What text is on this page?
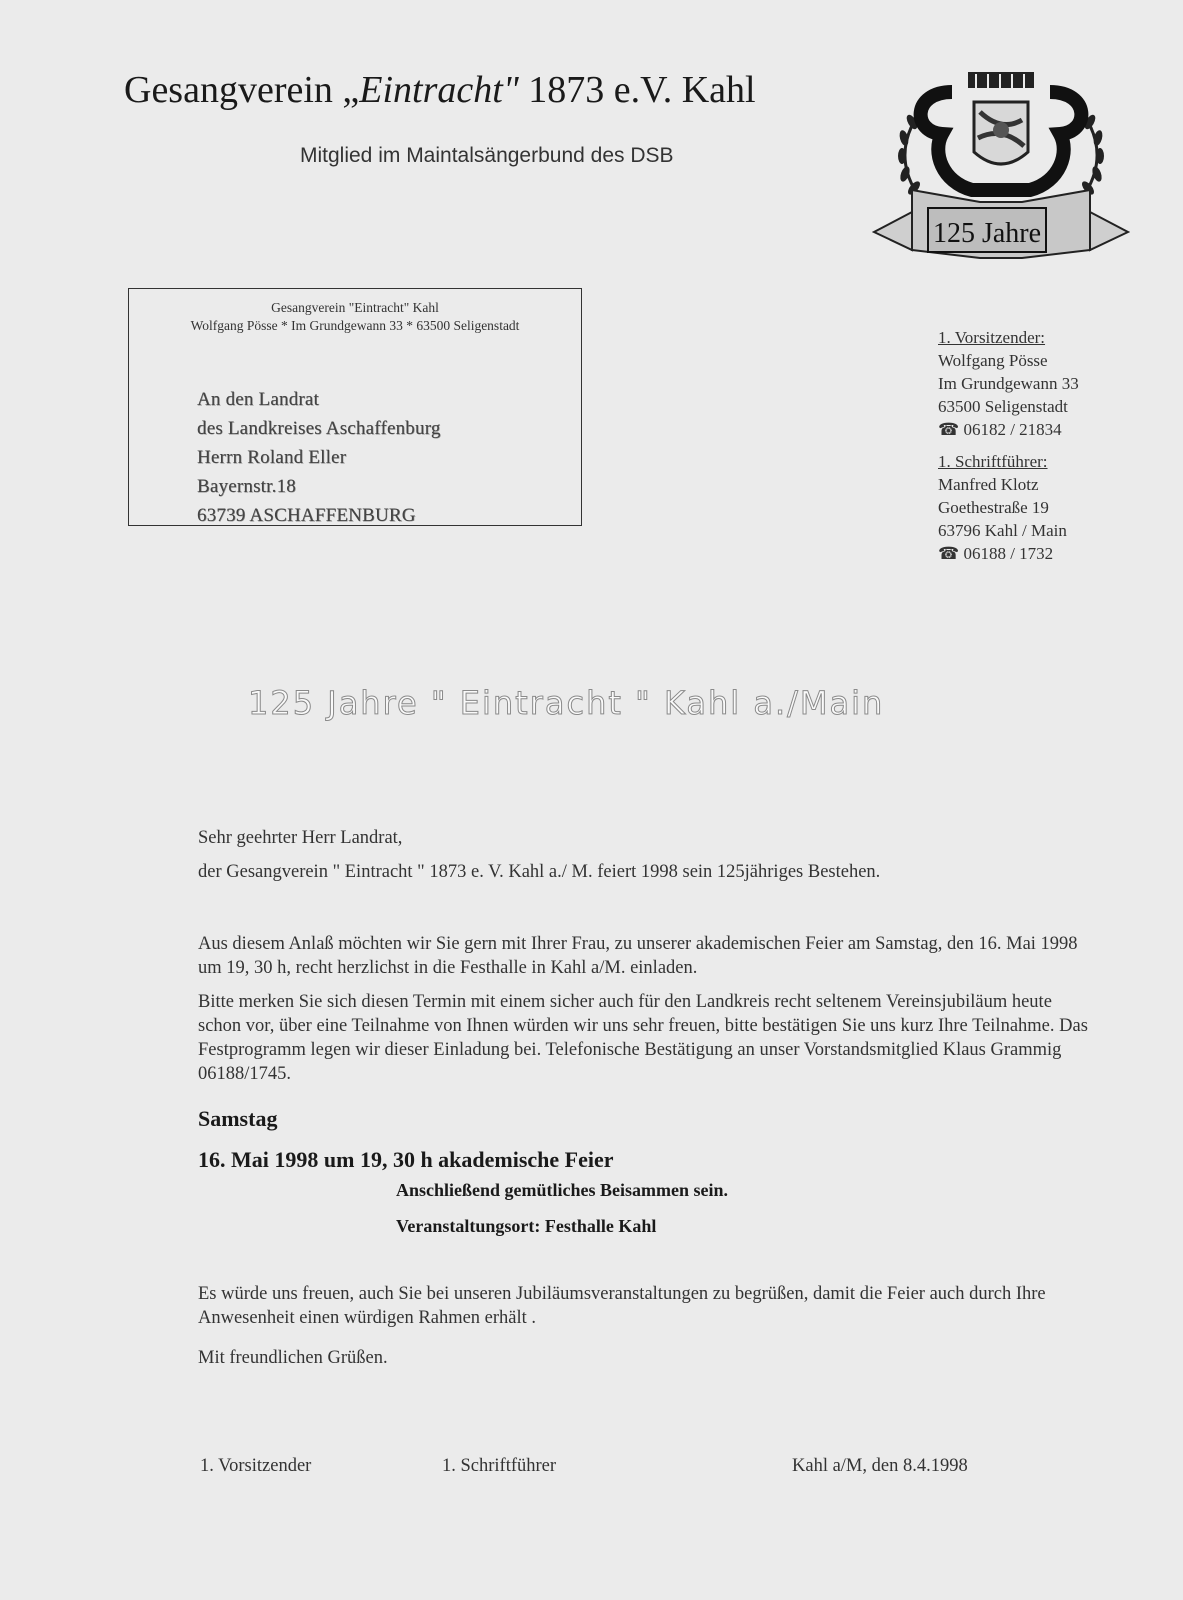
Gesangverein „Eintracht" 1873 e.V. Kahl
Mitglied im Maintalsängerbund des DSB
125 Jahre
Gesangverein "Eintracht" Kahl
Wolfgang Pösse * Im Grundgewann 33 * 63500 Seligenstadt
An den Landrat
des Landkreises Aschaffenburg
Herrn Roland Eller
Bayernstr.18
63739 ASCHAFFENBURG
1. Vorsitzender:
Wolfgang Pösse
Im Grundgewann 33
63500 Seligenstadt
☎ 06182 / 21834
1. Schriftführer:
Manfred Klotz
Goethestraße 19
63796 Kahl / Main
☎ 06188 / 1732
125 Jahre " Eintracht " Kahl a./Main
Sehr geehrter Herr Landrat,
der Gesangverein " Eintracht " 1873 e. V. Kahl a./ M. feiert 1998 sein 125jähriges Bestehen.
Aus diesem Anlaß möchten wir Sie gern mit Ihrer Frau, zu unserer akademischen Feier am Samstag, den 16. Mai 1998 um 19, 30 h, recht herzlichst in die Festhalle in Kahl a/M. einladen.
Bitte merken Sie sich diesen Termin mit einem sicher auch für den Landkreis recht seltenem Vereinsjubiläum heute schon vor, über eine Teilnahme von Ihnen würden wir uns sehr freuen, bitte bestätigen Sie uns kurz Ihre Teilnahme. Das Festprogramm legen wir dieser Einladung bei. Telefonische Bestätigung an unser Vorstandsmitglied Klaus Grammig 06188/1745.
Samstag
16. Mai 1998 um 19, 30 h akademische Feier
Anschließend gemütliches Beisammen sein.
Veranstaltungsort: Festhalle Kahl
Es würde uns freuen, auch Sie bei unseren Jubiläumsveranstaltungen zu begrüßen, damit die Feier auch durch Ihre Anwesenheit einen würdigen Rahmen erhält .
Mit freundlichen Grüßen.
1. Vorsitzender	1. Schriftführer	Kahl a/M, den 8.4.1998
